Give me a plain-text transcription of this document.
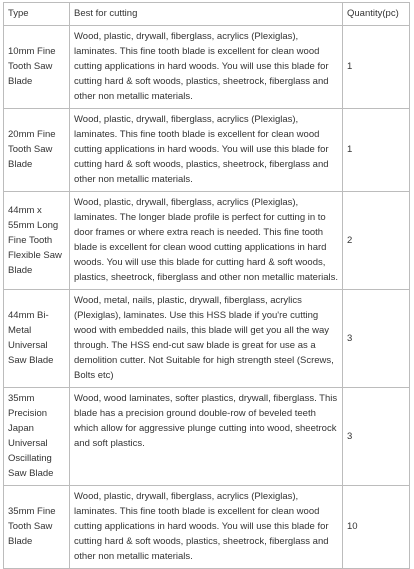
Type	Best for cutting	Quantity(pc)
10mm Fine Tooth Saw Blade	Wood, plastic, drywall, fiberglass, acrylics (Plexiglas), laminates. This fine tooth blade is excellent for clean wood cutting applications in hard woods. You will use this blade for cutting hard & soft woods, plastics, sheetrock, fiberglass and other non metallic materials.	1
20mm Fine Tooth Saw Blade	Wood, plastic, drywall, fiberglass, acrylics (Plexiglas), laminates. This fine tooth blade is excellent for clean wood cutting applications in hard woods. You will use this blade for cutting hard & soft woods, plastics, sheetrock, fiberglass and other non metallic materials.	1
44mm x 55mm Long Fine Tooth Flexible Saw Blade	Wood, plastic, drywall, fiberglass, acrylics (Plexiglas), laminates. The longer blade profile is perfect for cutting in to door frames or where extra reach is needed. This fine tooth blade is excellent for clean wood cutting applications in hard woods. You will use this blade for cutting hard & soft woods, plastics, sheetrock, fiberglass and other non metallic materials.	2
44mm Bi-Metal Universal Saw Blade	Wood, metal, nails, plastic, drywall, fiberglass, acrylics (Plexiglas), laminates. Use this HSS blade if you're cutting wood with embedded nails, this blade will get you all the way through. The HSS end-cut saw blade is great for use as a demolition cutter. Not Suitable for high strength steel (Screws, Bolts etc)	3
35mm Precision Japan Universal Oscillating Saw Blade	Wood, wood laminates, softer plastics, drywall, fiberglass. This blade has a precision ground double-row of beveled teeth which allow for aggressive plunge cutting into wood, sheetrock and soft plastics.	3
35mm Fine Tooth Saw Blade	Wood, plastic, drywall, fiberglass, acrylics (Plexiglas), laminates. This fine tooth blade is excellent for clean wood cutting applications in hard woods. You will use this blade for cutting hard & soft woods, plastics, sheetrock, fiberglass and other non metallic materials.	10
